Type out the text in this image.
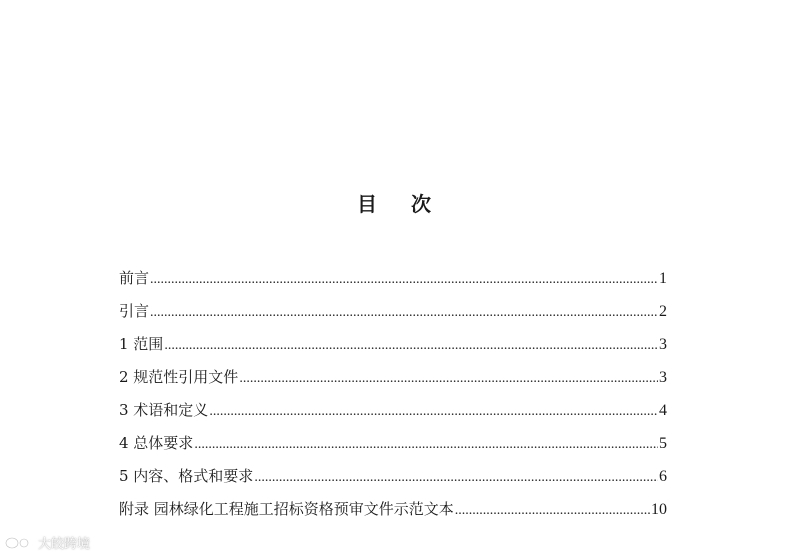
目 次
前言 .....	1
引言 .....	2
1 范围 .....	3
2 规范性引用文件 .....	3
3 术语和定义 .....	4
4 总体要求 .....	5
5 内容、格式和要求 .....	6
附录 园林绿化工程施工招标资格预审文件示范文本 .....	10
大皎跨境
